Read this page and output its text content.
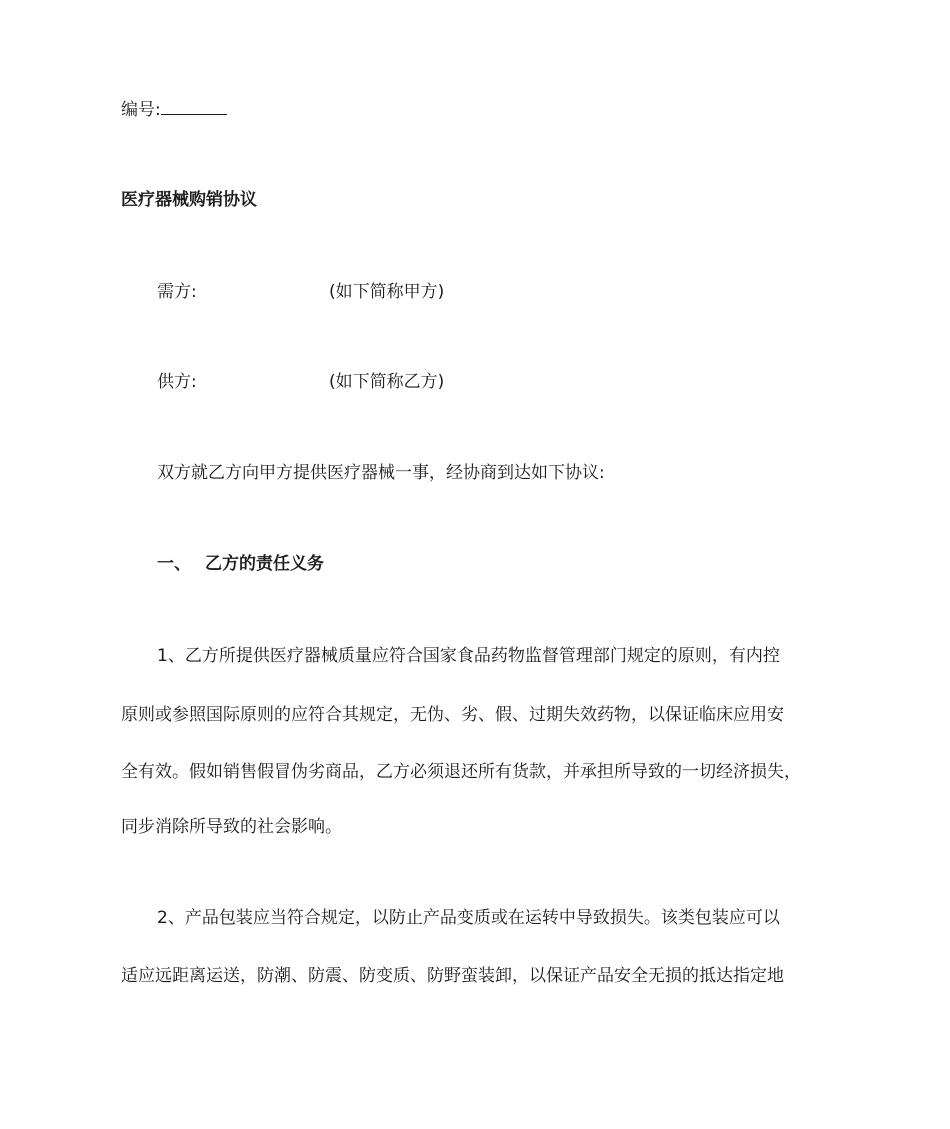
编号:
医疗器械购销协议
需方:	(如下简称甲方)
供方:	(如下简称乙方)
双方就乙方向甲方提供医疗器械一事，经协商到达如下协议:
一、 乙方的责任义务
1、乙方所提供医疗器械质量应符合国家食品药物监督管理部门规定的原则，有内控
原则或参照国际原则的应符合其规定，无伪、劣、假、过期失效药物，以保证临床应用安
全有效。假如销售假冒伪劣商品，乙方必须退还所有货款，并承担所导致的一切经济损失，
同步消除所导致的社会影响。
2、产品包装应当符合规定，以防止产品变质或在运转中导致损失。该类包装应可以
适应远距离运送，防潮、防震、防变质、防野蛮装卸，以保证产品安全无损的抵达指定地
